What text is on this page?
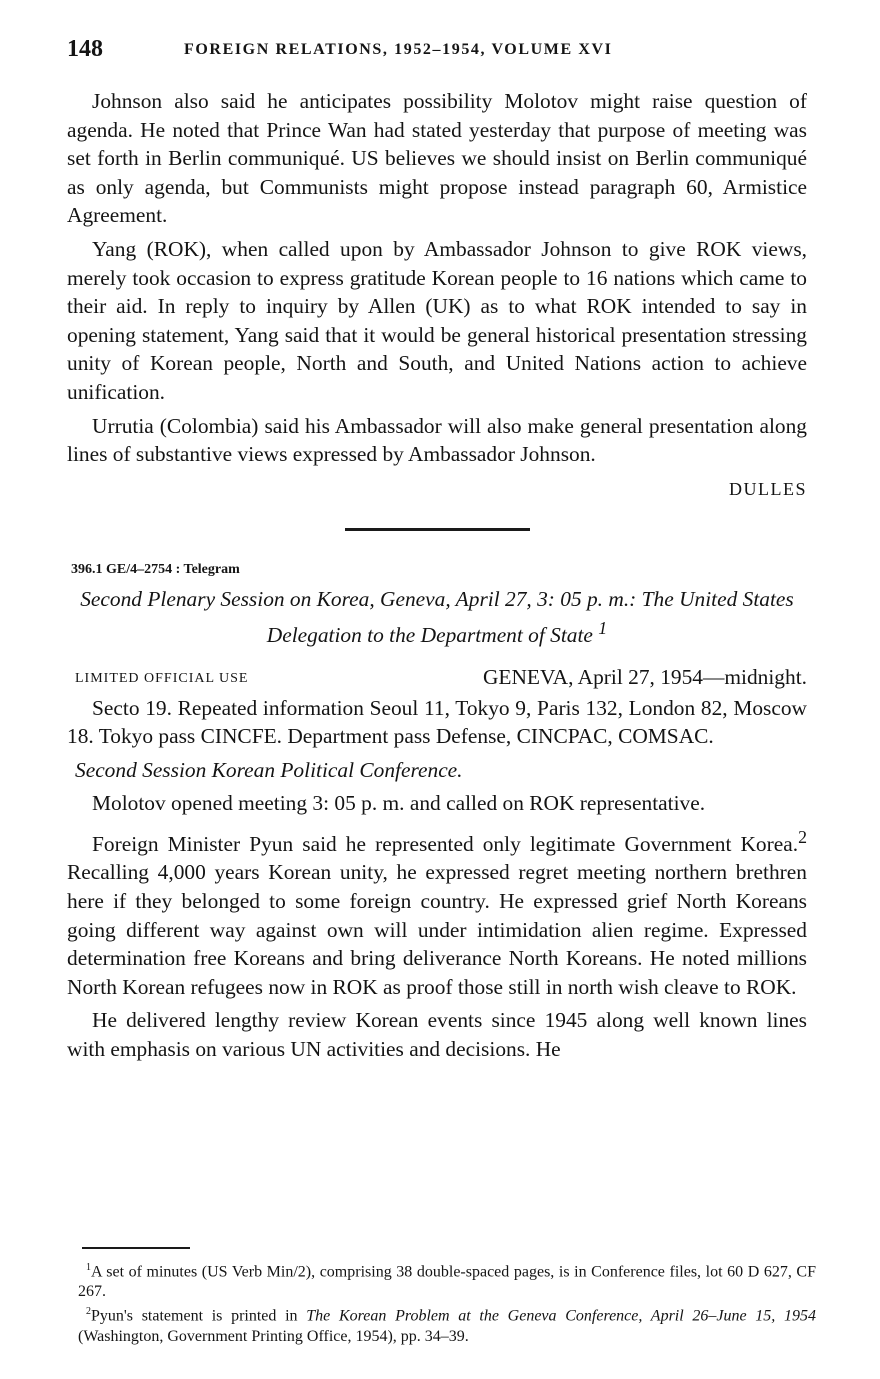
148	FOREIGN RELATIONS, 1952–1954, VOLUME XVI

Johnson also said he anticipates possibility Molotov might raise question of agenda. He noted that Prince Wan had stated yesterday that purpose of meeting was set forth in Berlin communiqué. US believes we should insist on Berlin communiqué as only agenda, but Communists might propose instead paragraph 60, Armistice Agreement.

Yang (ROK), when called upon by Ambassador Johnson to give ROK views, merely took occasion to express gratitude Korean people to 16 nations which came to their aid. In reply to inquiry by Allen (UK) as to what ROK intended to say in opening statement, Yang said that it would be general historical presentation stressing unity of Korean people, North and South, and United Nations action to achieve unification.

Urrutia (Colombia) said his Ambassador will also make general presentation along lines of substantive views expressed by Ambassador Johnson.

DULLES
396.1 GE/4–2754 : Telegram
Second Plenary Session on Korea, Geneva, April 27, 3: 05 p. m.: The United States Delegation to the Department of State $^1$
LIMITED OFFICIAL USE	GENEVA, April 27, 1954—midnight.

Secto 19. Repeated information Seoul 11, Tokyo 9, Paris 132, London 82, Moscow 18. Tokyo pass CINCFE. Department pass Defense, CINCPAC, COMSAC.

Second Session Korean Political Conference.

Molotov opened meeting 3: 05 p. m. and called on ROK representative.

Foreign Minister Pyun said he represented only legitimate Government Korea.$^2$ Recalling 4,000 years Korean unity, he expressed regret meeting northern brethren here if they belonged to some foreign country. He expressed grief North Koreans going different way against own will under intimidation alien regime. Expressed determination free Koreans and bring deliverance North Koreans. He noted millions North Korean refugees now in ROK as proof those still in north wish cleave to ROK.

He delivered lengthy review Korean events since 1945 along well known lines with emphasis on various UN activities and decisions. He

$^1$A set of minutes (US Verb Min/2), comprising 38 double-spaced pages, is in Conference files, lot 60 D 627, CF 267.

$^2$Pyun's statement is printed in The Korean Problem at the Geneva Conference, April 26–June 15, 1954 (Washington, Government Printing Office, 1954), pp. 34–39.
